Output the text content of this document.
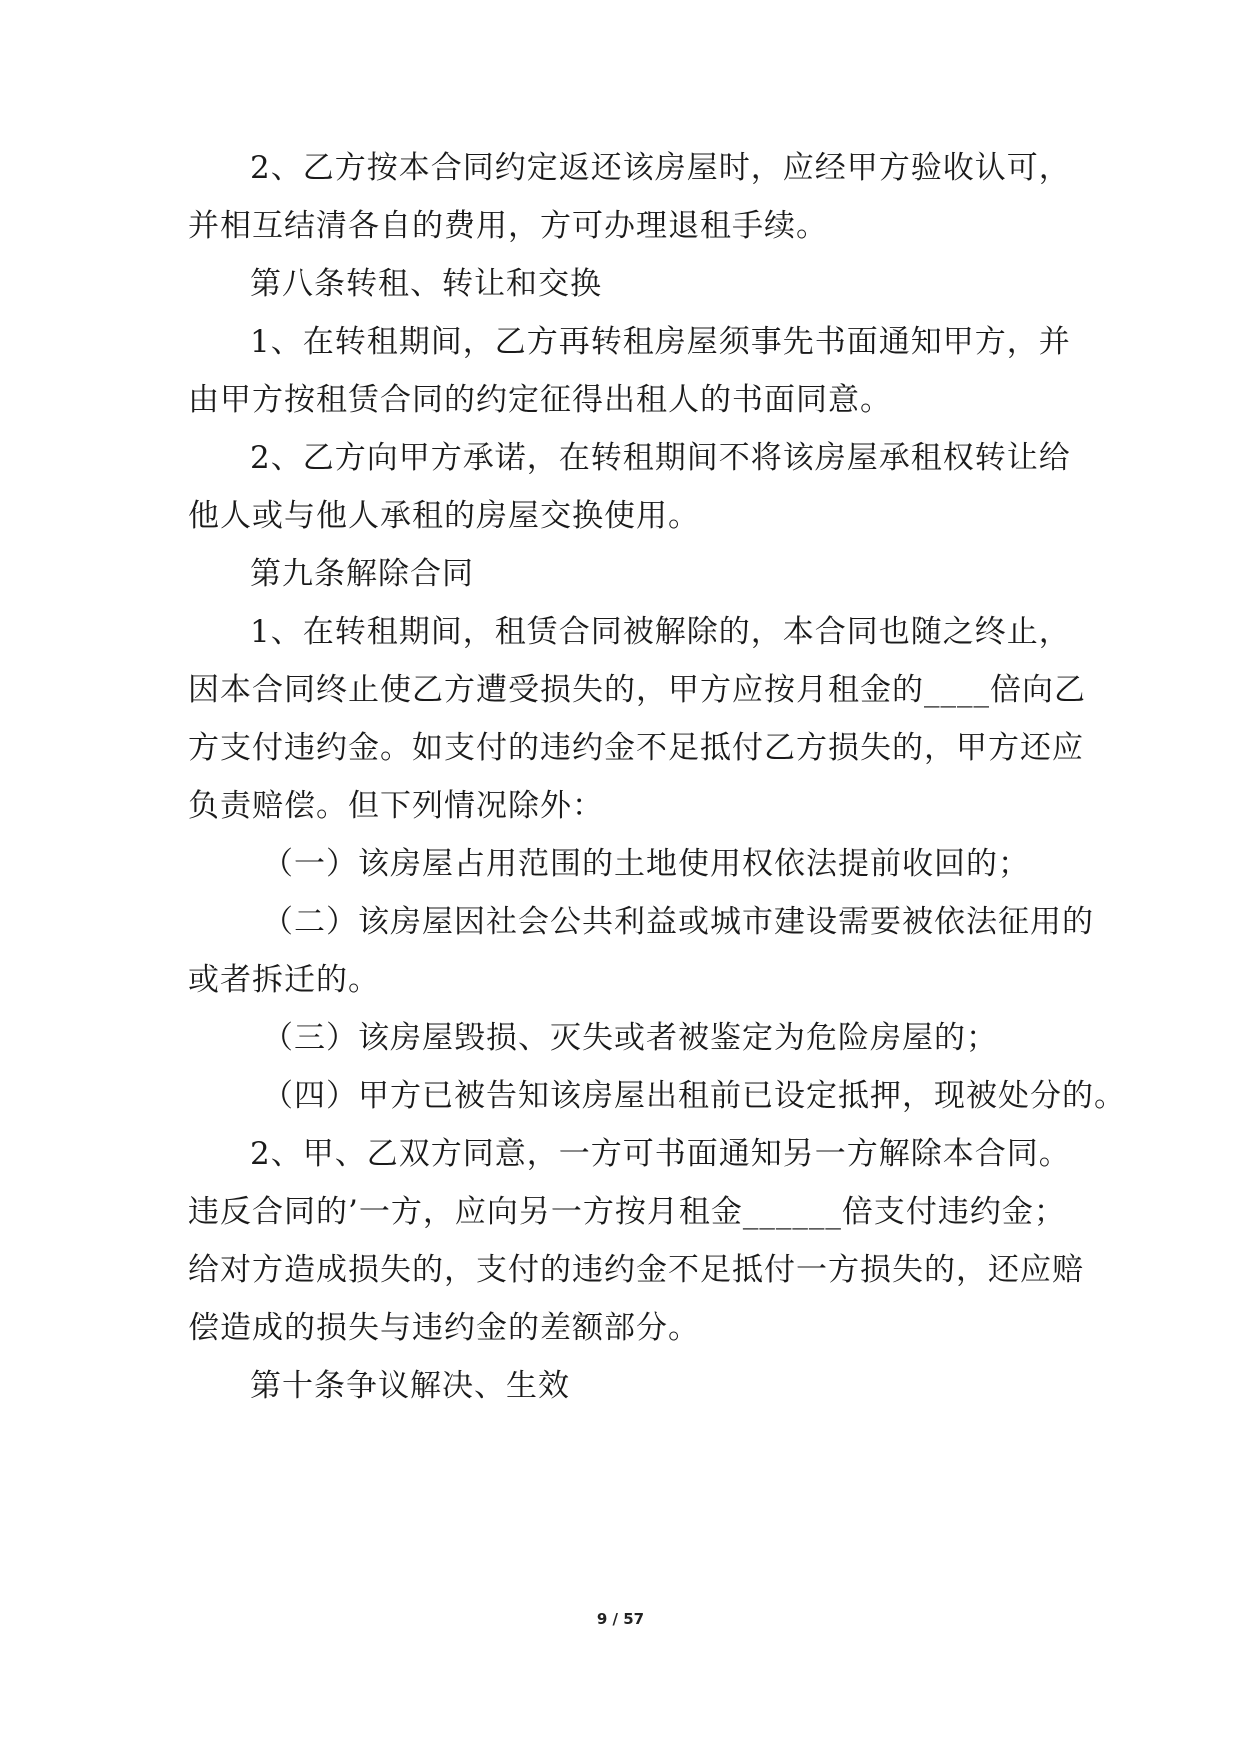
2、乙方按本合同约定返还该房屋时，应经甲方验收认可，
并相互结清各自的费用，方可办理退租手续。
第八条转租、转让和交换
1、在转租期间，乙方再转租房屋须事先书面通知甲方，并
由甲方按租赁合同的约定征得出租人的书面同意。
2、乙方向甲方承诺，在转租期间不将该房屋承租权转让给
他人或与他人承租的房屋交换使用。
第九条解除合同
1、在转租期间，租赁合同被解除的，本合同也随之终止，
因本合同终止使乙方遭受损失的，甲方应按月租金的____倍向乙
方支付违约金。如支付的违约金不足抵付乙方损失的，甲方还应
负责赔偿。但下列情况除外：
（一）该房屋占用范围的土地使用权依法提前收回的；
（二）该房屋因社会公共利益或城市建设需要被依法征用的
或者拆迁的。
（三）该房屋毁损、灭失或者被鉴定为危险房屋的；
（四）甲方已被告知该房屋出租前已设定抵押，现被处分的。
2、甲、乙双方同意，一方可书面通知另一方解除本合同。
违反合同的’一方，应向另一方按月租金______倍支付违约金；
给对方造成损失的，支付的违约金不足抵付一方损失的，还应赔
偿造成的损失与违约金的差额部分。
第十条争议解决、生效
9 / 57
